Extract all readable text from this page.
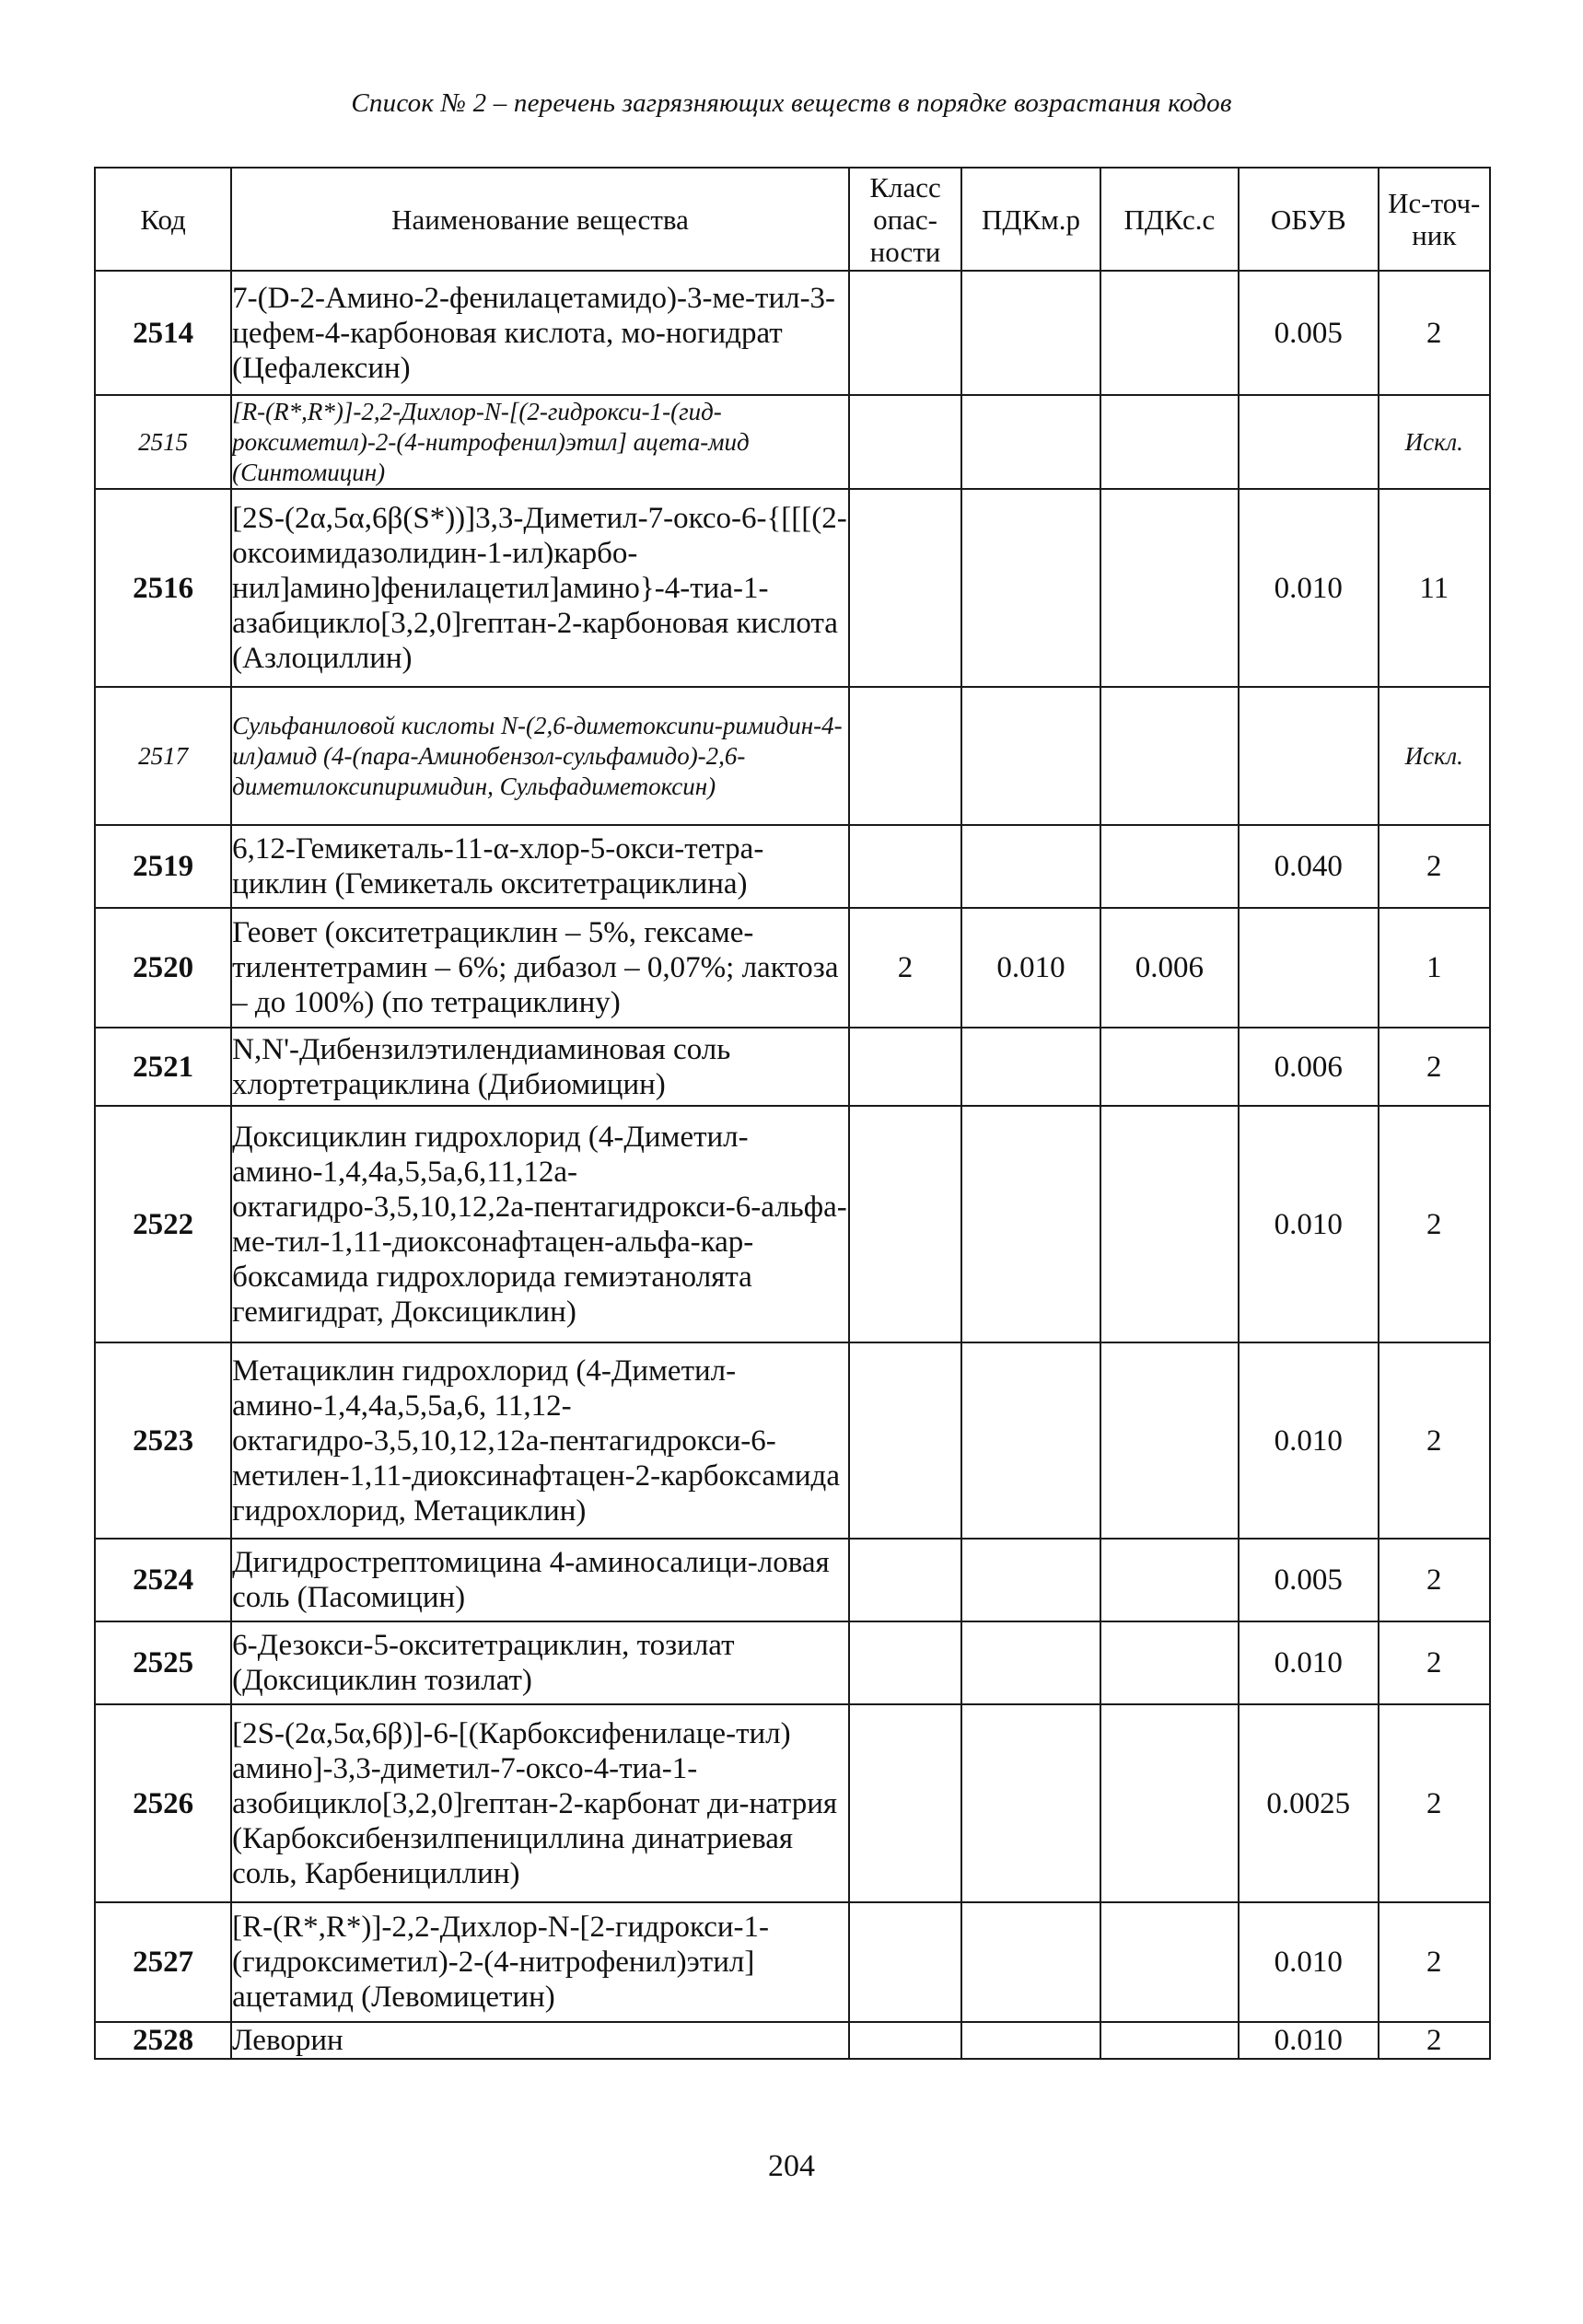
Список № 2 – перечень загрязняющих веществ в порядке возрастания кодов
Код	Наименование вещества	Класс опас-ности	ПДКм.р	ПДКс.с	ОБУВ	Ис-точ-ник
2514	7-(D-2-Амино-2-фенилацетамидо)-3-ме-тил-3-цефем-4-карбоновая кислота, мо-ногидрат (Цефалексин)				0.005	2
2515	[R-(R*,R*)]-2,2-Дихлор-N-[(2-гидрокси-1-(гид-роксиметил)-2-(4-нитрофенил)этил] ацета-мид (Синтомицин)					Искл.
2516	[2S-(2α,5α,6β(S*))]3,3-Диметил-7-оксо-6-{[[[(2-оксоимидазолидин-1-ил)карбо-нил]амино]фенилацетил]амино}-4-тиа-1-азабицикло[3,2,0]гептан-2-карбоновая кислота (Азлоциллин)				0.010	11
2517	Сульфаниловой кислоты N-(2,6-диметоксипи-римидин-4-ил)амид (4-(пара-Аминобензол-сульфамидо)-2,6-диметилоксипиримидин, Сульфадиметоксин)					Искл.
2519	6,12-Гемикеталь-11-α-хлор-5-окси-тетра-циклин (Гемикеталь окситетрациклина)				0.040	2
2520	Геовет (окситетрациклин – 5%, гексаме-тилентетрамин – 6%; дибазол – 0,07%; лактоза – до 100%) (по тетрациклину)	2	0.010	0.006		1
2521	N,N'-Дибензилэтилендиаминовая соль хлортетрациклина (Дибиомицин)				0.006	2
2522	Доксициклин гидрохлорид (4-Диметил-амино-1,4,4a,5,5a,6,11,12a-октагидро-3,5,10,12,2a-пентагидрокси-6-альфа-ме-тил-1,11-диоксонафтацен-альфа-кар-боксамида гидрохлорида гемиэтанолята гемигидрат, Доксициклин)				0.010	2
2523	Метациклин гидрохлорид (4-Диметил-амино-1,4,4a,5,5a,6, 11,12-октагидро-3,5,10,12,12a-пентагидрокси-6-метилен-1,11-диоксинафтацен-2-карбоксамида гидрохлорид, Метациклин)				0.010	2
2524	Дигидрострептомицина 4-аминосалици-ловая соль (Пасомицин)				0.005	2
2525	6-Дезокси-5-окситетрациклин, тозилат (Доксициклин тозилат)				0.010	2
2526	[2S-(2α,5α,6β)]-6-[(Карбоксифенилаце-тил) амино]-3,3-диметил-7-оксо-4-тиа-1-азобицикло[3,2,0]гептан-2-карбонат ди-натрия (Карбоксибензилпенициллина динатриевая соль, Карбенициллин)				0.0025	2
2527	[R-(R*,R*)]-2,2-Дихлор-N-[2-гидрокси-1-(гидроксиметил)-2-(4-нитрофенил)этил] ацетамид (Левомицетин)				0.010	2
2528	Леворин				0.010	2
204
